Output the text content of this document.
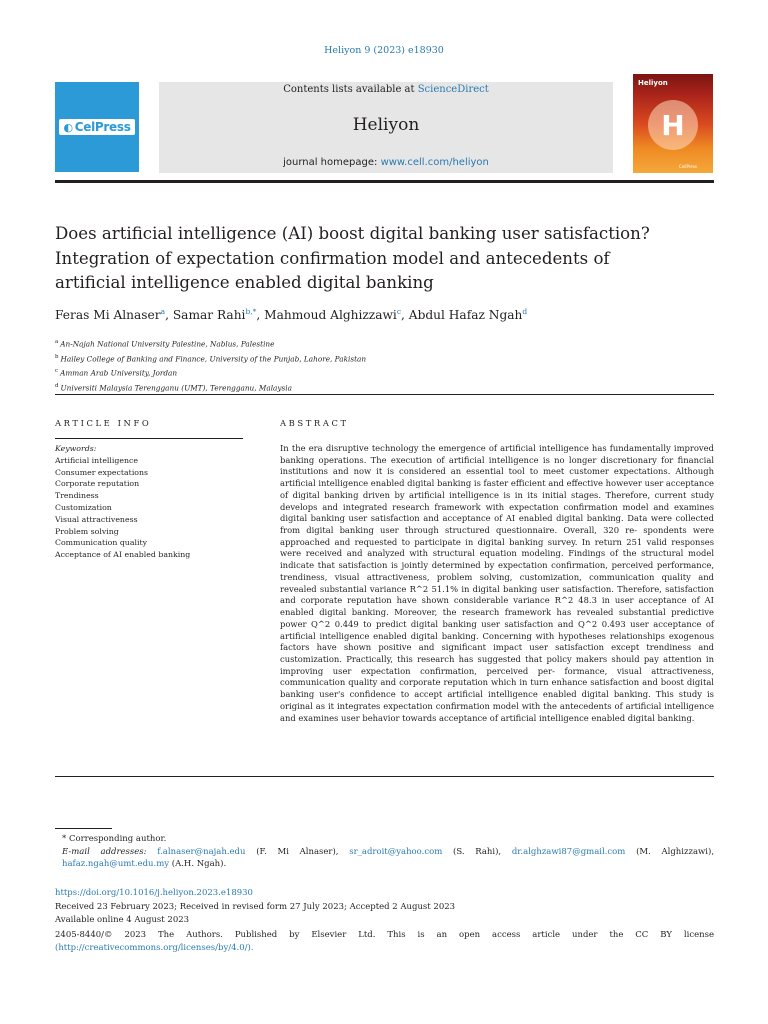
Heliyon 9 (2023) e18930
◐ CelPress
Contents lists available at ScienceDirect
Heliyon
journal homepage: www.cell.com/heliyon
Heliyon
H
CellPress
Does artificial intelligence (AI) boost digital banking user satisfaction? Integration of expectation confirmation model and antecedents of artificial intelligence enabled digital banking
Feras Mi Alnaser$^a$, Samar Rahi$^{b,*}$, Mahmoud Alghizzawi$^c$, Abdul Hafaz Ngah$^d$
$^a$ An-Najah National University Palestine, Nablus, Palestine
$^b$ Hailey College of Banking and Finance, University of the Punjab, Lahore, Pakistan
$^c$ Amman Arab University, Jordan
$^d$ Universiti Malaysia Terengganu (UMT), Terengganu, Malaysia
ARTICLE INFO	ABSTRACT
Keywords:
Artificial intelligence
Consumer expectations
Corporate reputation
Trendiness
Customization
Visual attractiveness
Problem solving
Communication quality
Acceptance of AI enabled banking

In the era disruptive technology the emergence of artificial intelligence has fundamentally improved banking operations. The execution of artificial intelligence is no longer discretionary for financial institutions and now it is considered an essential tool to meet customer expectations. Although artificial intelligence enabled digital banking is faster efficient and effective however user acceptance of digital banking driven by artificial intelligence is in its initial stages. Therefore, current study develops and integrated research framework with expectation confirmation model and examines digital banking user satisfaction and acceptance of AI enabled digital banking. Data were collected from digital banking user through structured questionnaire. Overall, 320 re- spondents were approached and requested to participate in digital banking survey. In return 251 valid responses were received and analyzed with structural equation modeling. Findings of the structural model indicate that satisfaction is jointly determined by expectation confirmation, perceived performance, trendiness, visual attractiveness, problem solving, customization, communication quality and revealed substantial variance R^2 51.1% in digital banking user satisfaction. Therefore, satisfaction and corporate reputation have shown considerable variance R^2 48.3 in user acceptance of AI enabled digital banking. Moreover, the research framework has revealed substantial predictive power Q^2 0.449 to predict digital banking user satisfaction and Q^2 0.493 user acceptance of artificial intelligence enabled digital banking. Concerning with hypotheses relationships exogenous factors have shown positive and significant impact user satisfaction except trendiness and customization. Practically, this research has suggested that policy makers should pay attention in improving user expectation confirmation, perceived per- formance, visual attractiveness, communication quality and corporate reputation which in turn enhance satisfaction and boost digital banking user's confidence to accept artificial intelligence enabled digital banking. This study is original as it integrates expectation confirmation model with the antecedents of artificial intelligence and examines user behavior towards acceptance of artificial intelligence enabled digital banking.

* Corresponding author.
E-mail addresses: f.alnaser@najah.edu (F. Mi Alnaser), sr_adroit@yahoo.com (S. Rahi), dr.alghzawi87@gmail.com (M. Alghizzawi), hafaz.ngah@umt.edu.my (A.H. Ngah).
https://doi.org/10.1016/j.heliyon.2023.e18930
Received 23 February 2023; Received in revised form 27 July 2023; Accepted 2 August 2023
Available online 4 August 2023
2405-8440/© 2023 The Authors. Published by Elsevier Ltd. This is an open access article under the CC BY license (http://creativecommons.org/licenses/by/4.0/).
